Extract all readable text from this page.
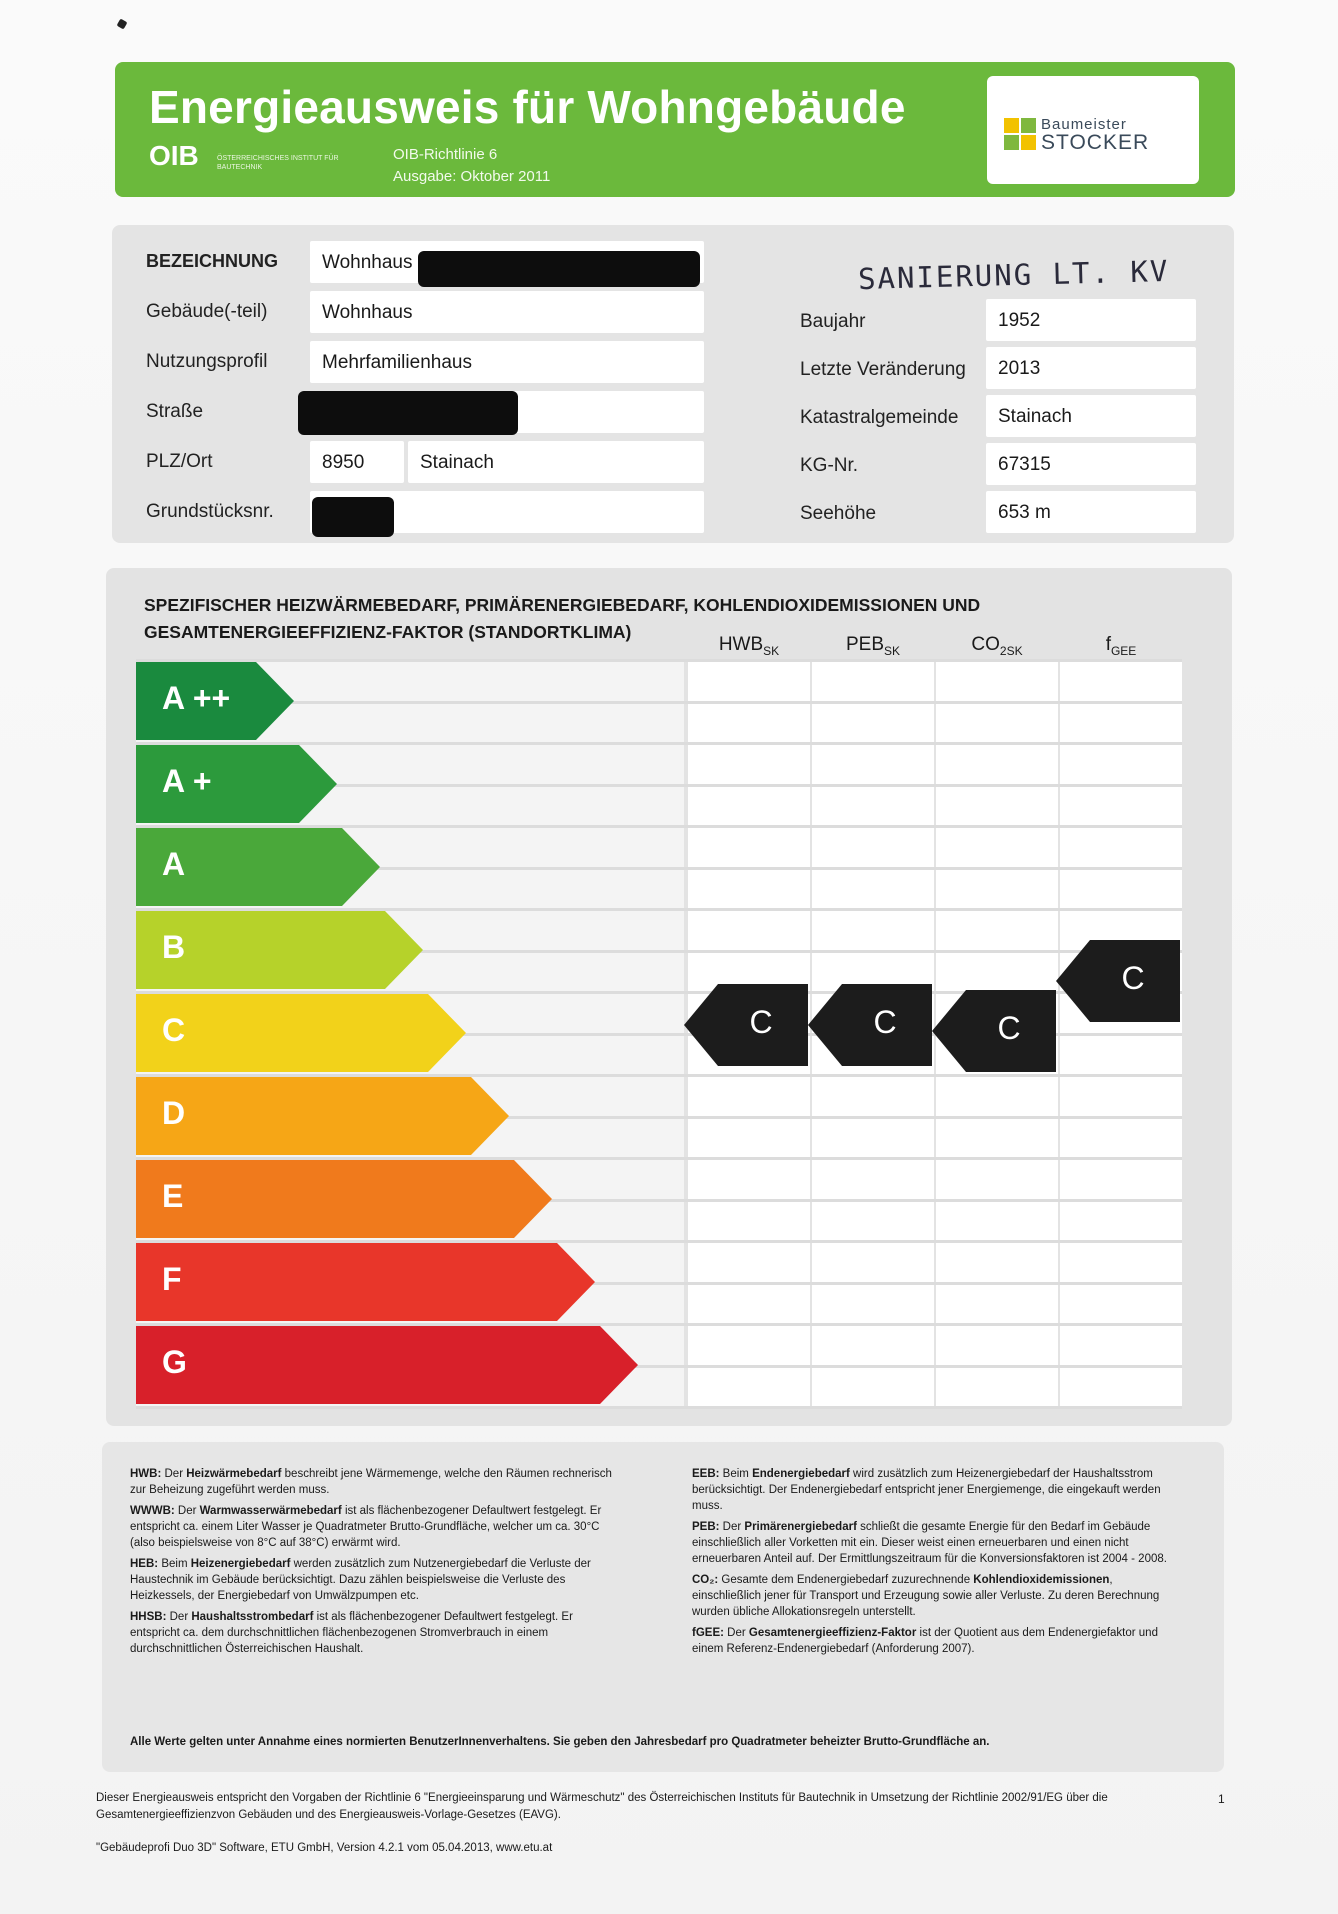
Energieausweis für Wohngebäude
OIB	ÖSTERREICHISCHES INSTITUT FÜR BAUTECHNIK
OIB-Richtlinie 6
Ausgabe: Oktober 2011
Baumeister
STOCKER
BEZEICHNUNG	Wohnhaus
Gebäude(-teil)	Wohnhaus
Nutzungsprofil	Mehrfamilienhaus
Straße
PLZ/Ort	8950	Stainach
Grundstücksnr.
Baujahr	1952
Letzte Veränderung	2013
Katastralgemeinde	Stainach
KG-Nr.	67315
Seehöhe	653 m
SANIERUNG LT. KV
SPEZIFISCHER HEIZWÄRMEBEDARF, PRIMÄRENERGIEBEDARF, KOHLENDIOXIDEMISSIONEN UND
GESAMTENERGIEEFFIZIENZ-FAKTOR (STANDORTKLIMA)
$HWB_{SK}$	$PEB_{SK}$	$CO_{2SK}$	$f_{GEE}$
A ++
A +
A
B
C
D
E
F
G
C	C	C
C
HWB: Der Heizwärmebedarf beschreibt jene Wärmemenge, welche den Räumen rechnerisch zur Beheizung zugeführt werden muss.
WWWB: Der Warmwasserwärmebedarf ist als flächenbezogener Defaultwert festgelegt. Er entspricht ca. einem Liter Wasser je Quadratmeter Brutto-Grundfläche, welcher um ca. 30°C (also beispielsweise von 8°C auf 38°C) erwärmt wird.
HEB: Beim Heizenergiebedarf werden zusätzlich zum Nutzenergiebedarf die Verluste der Haustechnik im Gebäude berücksichtigt. Dazu zählen beispielsweise die Verluste des Heizkessels, der Energiebedarf von Umwälzpumpen etc.
HHSB: Der Haushaltsstrombedarf ist als flächenbezogener Defaultwert festgelegt. Er entspricht ca. dem durchschnittlichen flächenbezogenen Stromverbrauch in einem durchschnittlichen Österreichischen Haushalt.
EEB: Beim Endenergiebedarf wird zusätzlich zum Heizenergiebedarf der Haushaltsstrom berücksichtigt. Der Endenergiebedarf entspricht jener Energiemenge, die eingekauft werden muss.
PEB: Der Primärenergiebedarf schließt die gesamte Energie für den Bedarf im Gebäude einschließlich aller Vorketten mit ein. Dieser weist einen erneuerbaren und einen nicht erneuerbaren Anteil auf. Der Ermittlungszeitraum für die Konversionsfaktoren ist 2004 - 2008.
CO₂: Gesamte dem Endenergiebedarf zuzurechnende Kohlendioxidemissionen, einschließlich jener für Transport und Erzeugung sowie aller Verluste. Zu deren Berechnung wurden übliche Allokationsregeln unterstellt.
fGEE: Der Gesamtenergieeffizienz-Faktor ist der Quotient aus dem Endenergiefaktor und einem Referenz-Endenergiebedarf (Anforderung 2007).
Alle Werte gelten unter Annahme eines normierten BenutzerInnenverhaltens. Sie geben den Jahresbedarf pro Quadratmeter beheizter Brutto-Grundfläche an.
Dieser Energieausweis entspricht den Vorgaben der Richtlinie 6 "Energieeinsparung und Wärmeschutz" des Österreichischen Instituts für Bautechnik in Umsetzung der Richtlinie 2002/91/EG über die Gesamtenergieeffizienzvon Gebäuden und des Energieausweis-Vorlage-Gesetzes (EAVG).
"Gebäudeprofi Duo 3D" Software, ETU GmbH, Version 4.2.1 vom 05.04.2013, www.etu.at
1
